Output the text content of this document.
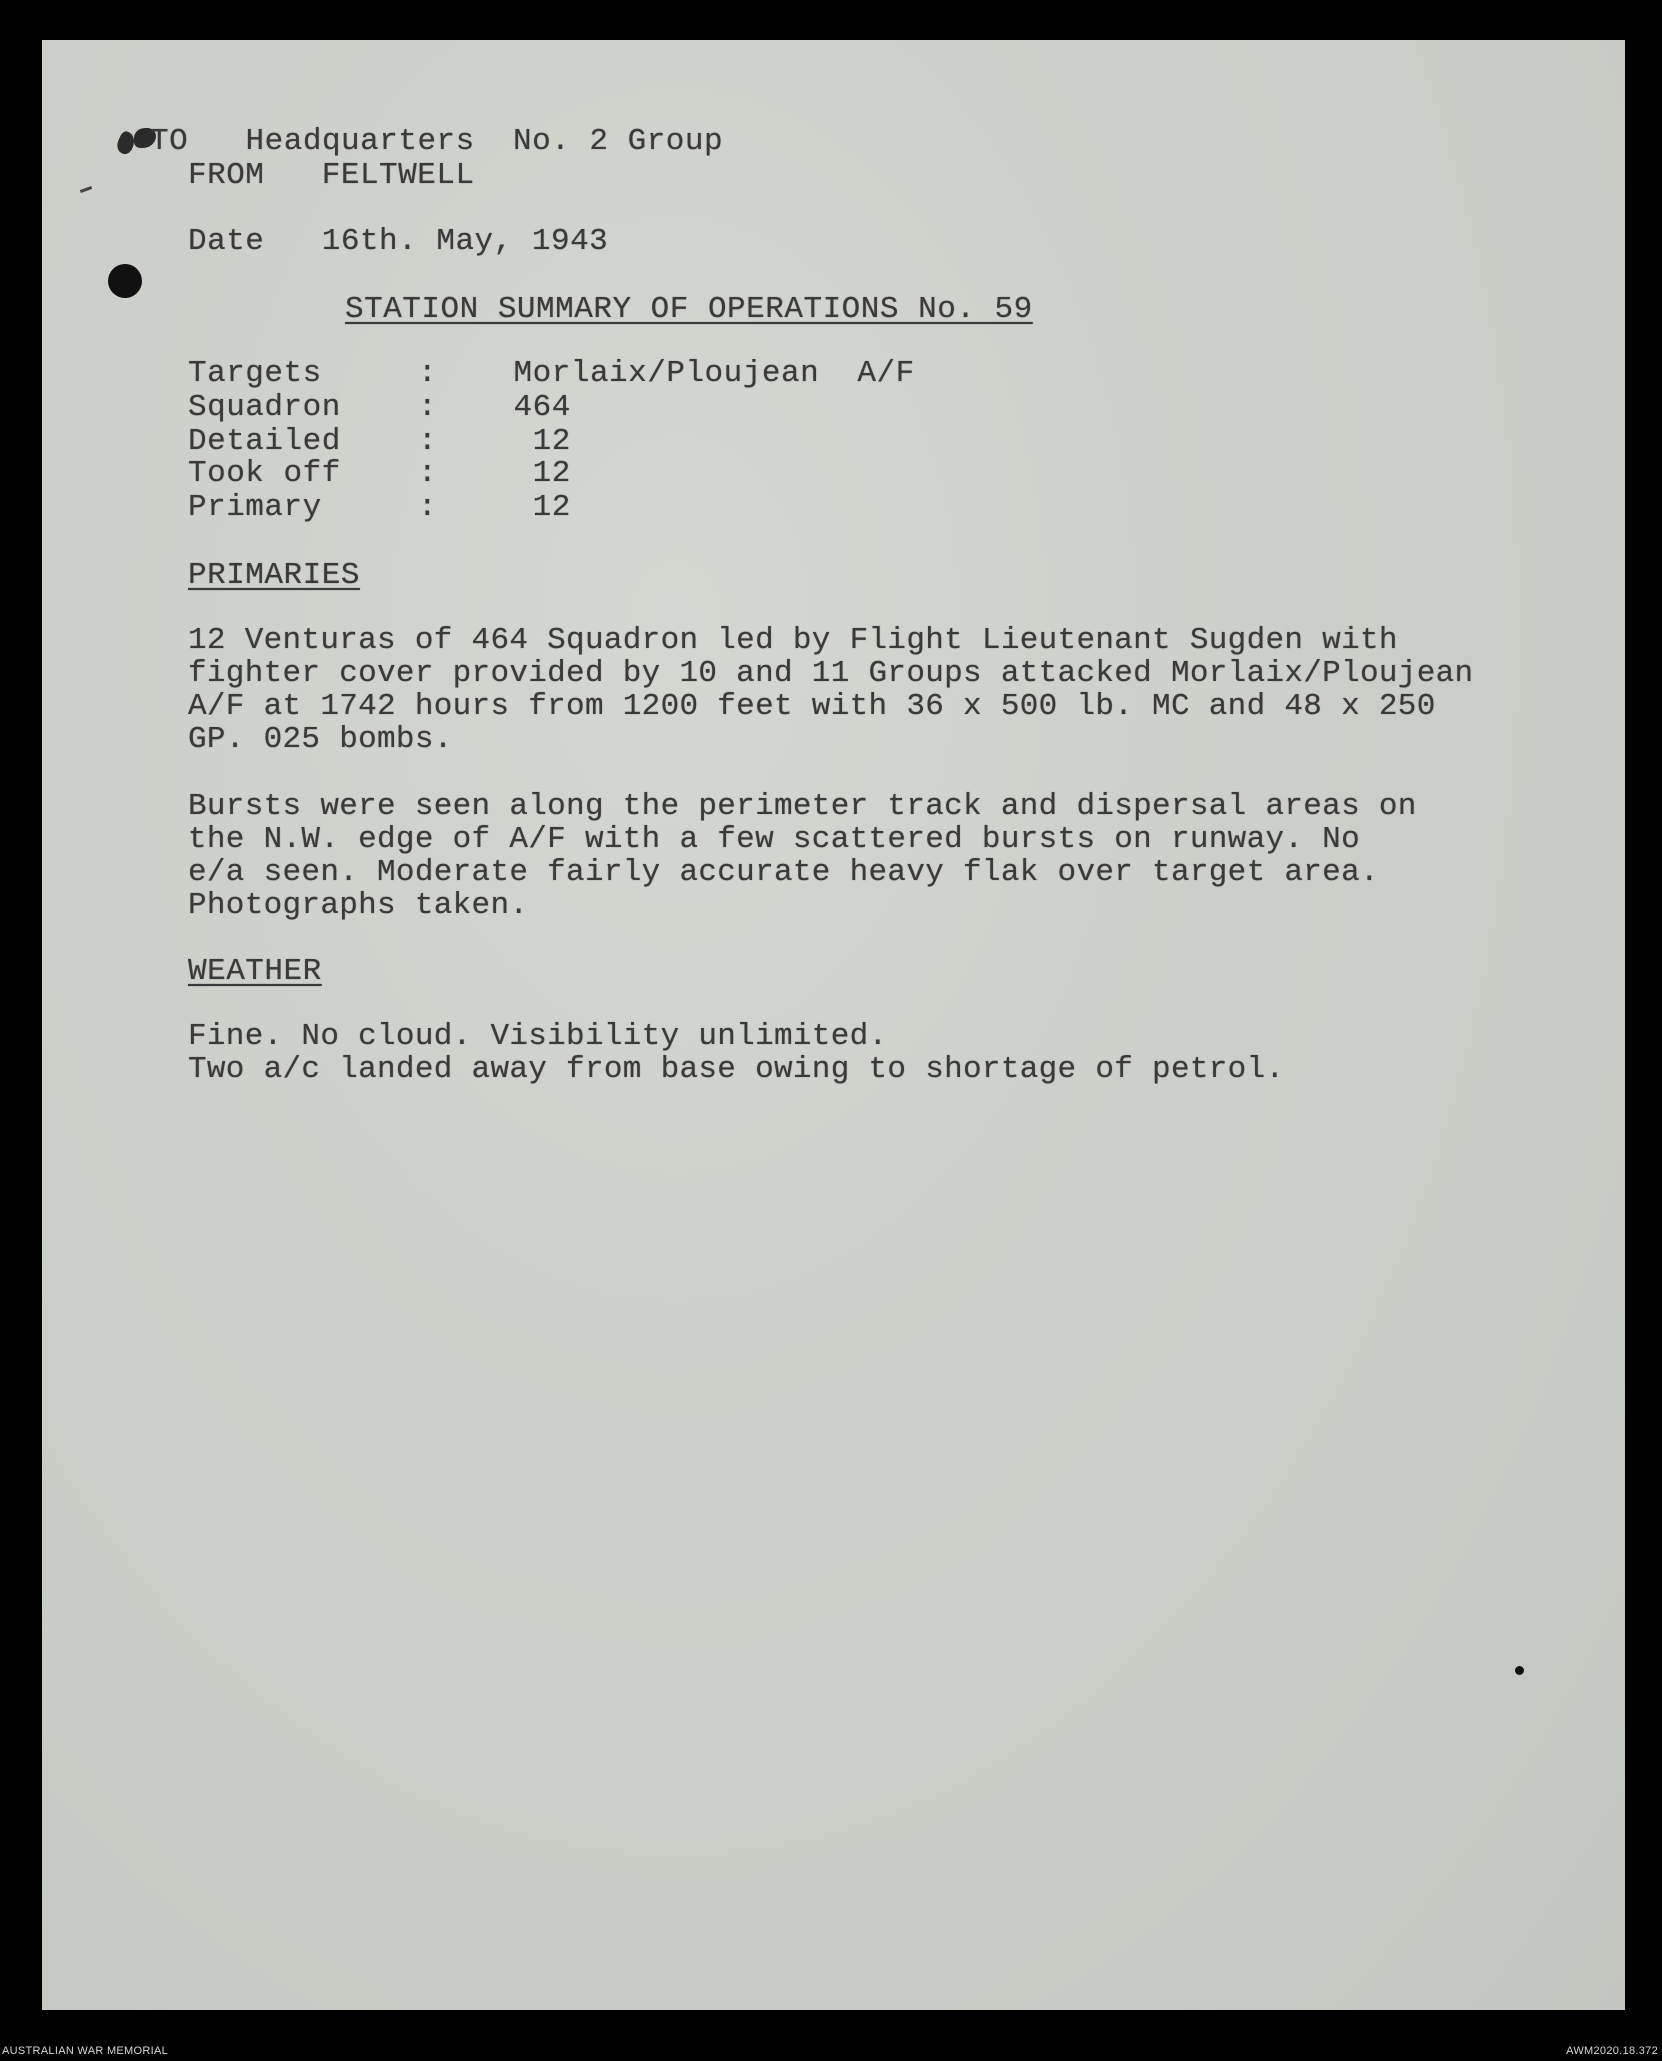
TO Headquarters  No. 2 Group
FROM FELTWELL
Date 16th. May, 1943
STATION SUMMARY OF OPERATIONS No. 59
Targets	: Morlaix/Ploujean  A/F
Squadron : 464
Detailed :     12
Took off :     12
Primary	:     12
PRIMARIES
12 Venturas of 464 Squadron led by Flight Lieutenant Sugden with
fighter cover provided by 10 and 11 Groups attacked Morlaix/Ploujean
A/F at 1742 hours from 1200 feet with 36 x 500 lb. MC and 48 x 250
GP. 025 bombs.
Bursts were seen along the perimeter track and dispersal areas on
the N.W. edge of A/F with a few scattered bursts on runway. No
e/a seen. Moderate fairly accurate heavy flak over target area.
Photographs taken.
WEATHER
Fine. No cloud. Visibility unlimited.
Two a/c landed away from base owing to shortage of petrol.
AUSTRALIAN WAR MEMORIAL	AWM2020.18.372
